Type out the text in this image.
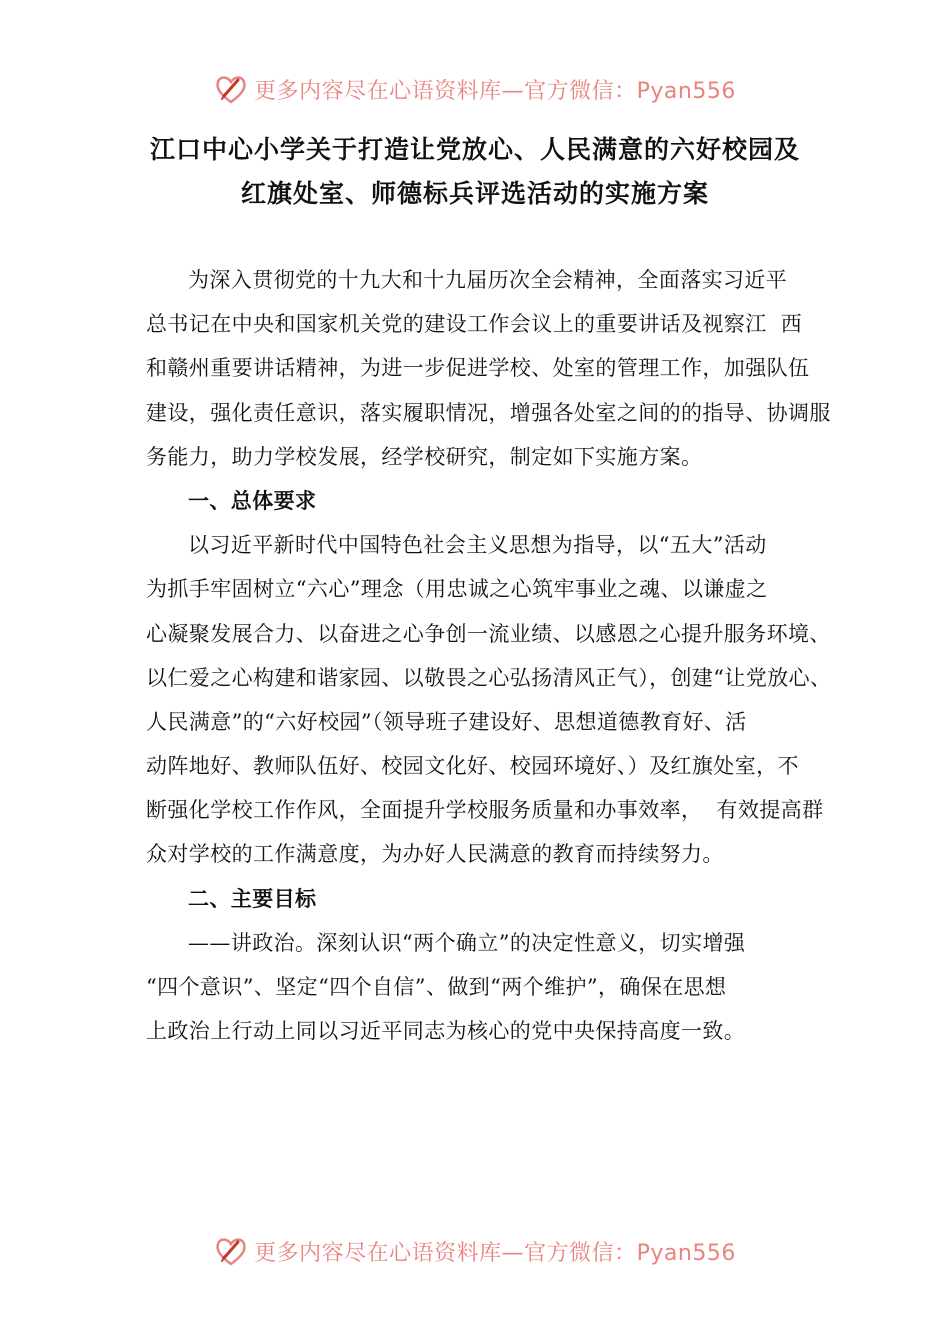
更多内容尽在心语资料库—官方微信：Pyan556
江口中心小学关于打造让党放心、人民满意的六好校园及
红旗处室、师德标兵评选活动的实施方案
为深入贯彻党的十九大和十九届历次全会精神，全面落实习近平
总书记在中央和国家机关党的建设工作会议上的重要讲话及视察江  西
和赣州重要讲话精神，为进一步促进学校、处室的管理工作，加强队伍
建设，强化责任意识，落实履职情况，增强各处室之间的的指导、协调服
务能力，助力学校发展，经学校研究，制定如下实施方案。
一、总体要求
以习近平新时代中国特色社会主义思想为指导，以“五大”活动
为抓手牢固树立“六心”理念（用忠诚之心筑牢事业之魂、以谦虚之
心凝聚发展合力、以奋进之心争创一流业绩、以感恩之心提升服务环境、
以仁爱之心构建和谐家园、以敬畏之心弘扬清风正气），创建“让党放心、
人民满意”的“六好校园”（领导班子建设好、思想道德教育好、活
动阵地好、教师队伍好、校园文化好、校园环境好、）及红旗处室，不
断强化学校工作作风，全面提升学校服务质量和办事效率，  有效提高群
众对学校的工作满意度，为办好人民满意的教育而持续努力。
二、主要目标
——讲政治。深刻认识“两个确立”的决定性意义，切实增强
“四个意识”、坚定“四个自信”、做到“两个维护”，确保在思想
上政治上行动上同以习近平同志为核心的党中央保持高度一致。
更多内容尽在心语资料库—官方微信：Pyan556
